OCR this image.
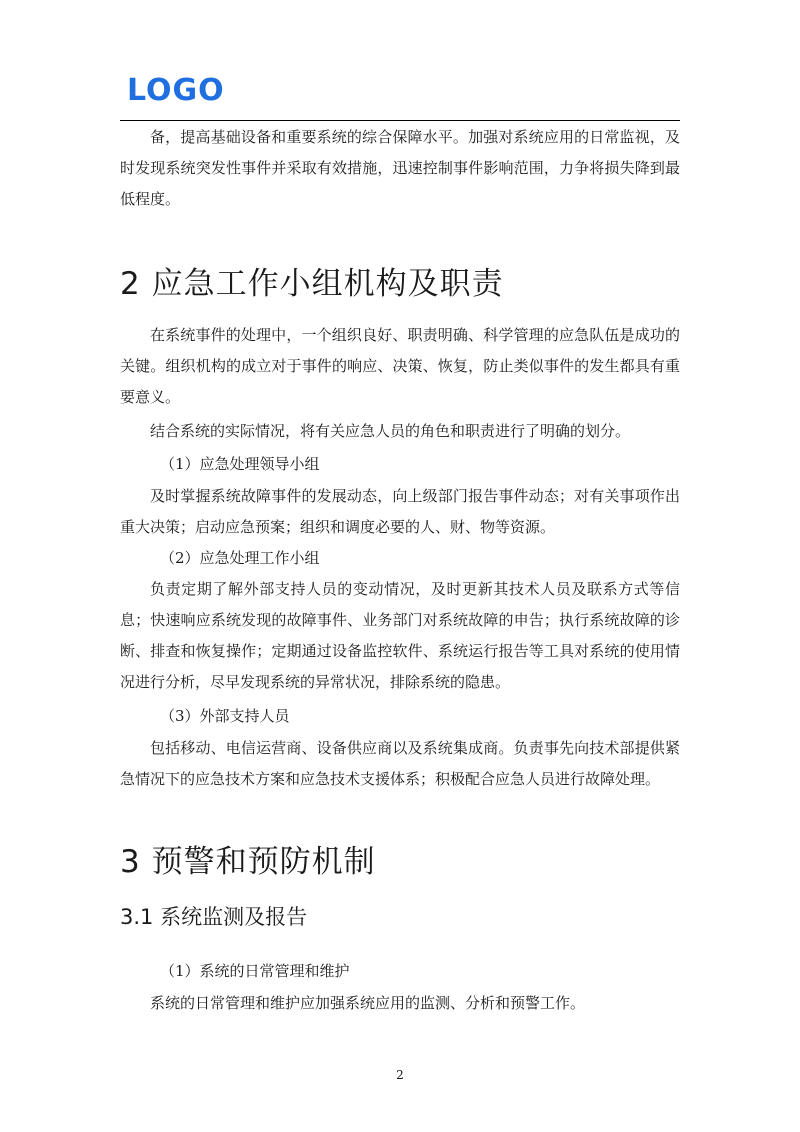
LOGO

备，提高基础设备和重要系统的综合保障水平。加强对系统应用的日常监视，及时发现系统突发性事件并采取有效措施，迅速控制事件影响范围，力争将损失降到最低程度。

2 应急工作小组机构及职责

在系统事件的处理中，一个组织良好、职责明确、科学管理的应急队伍是成功的关键。组织机构的成立对于事件的响应、决策、恢复，防止类似事件的发生都具有重要意义。

结合系统的实际情况，将有关应急人员的角色和职责进行了明确的划分。

（1）应急处理领导小组

及时掌握系统故障事件的发展动态，向上级部门报告事件动态；对有关事项作出重大决策；启动应急预案；组织和调度必要的人、财、物等资源。

（2）应急处理工作小组

负责定期了解外部支持人员的变动情况，及时更新其技术人员及联系方式等信息；快速响应系统发现的故障事件、业务部门对系统故障的申告；执行系统故障的诊断、排查和恢复操作；定期通过设备监控软件、系统运行报告等工具对系统的使用情况进行分析，尽早发现系统的异常状况，排除系统的隐患。

（3）外部支持人员

包括移动、电信运营商、设备供应商以及系统集成商。负责事先向技术部提供紧急情况下的应急技术方案和应急技术支援体系；积极配合应急人员进行故障处理。

3 预警和预防机制
3.1 系统监测及报告

（1）系统的日常管理和维护

系统的日常管理和维护应加强系统应用的监测、分析和预警工作。

2
